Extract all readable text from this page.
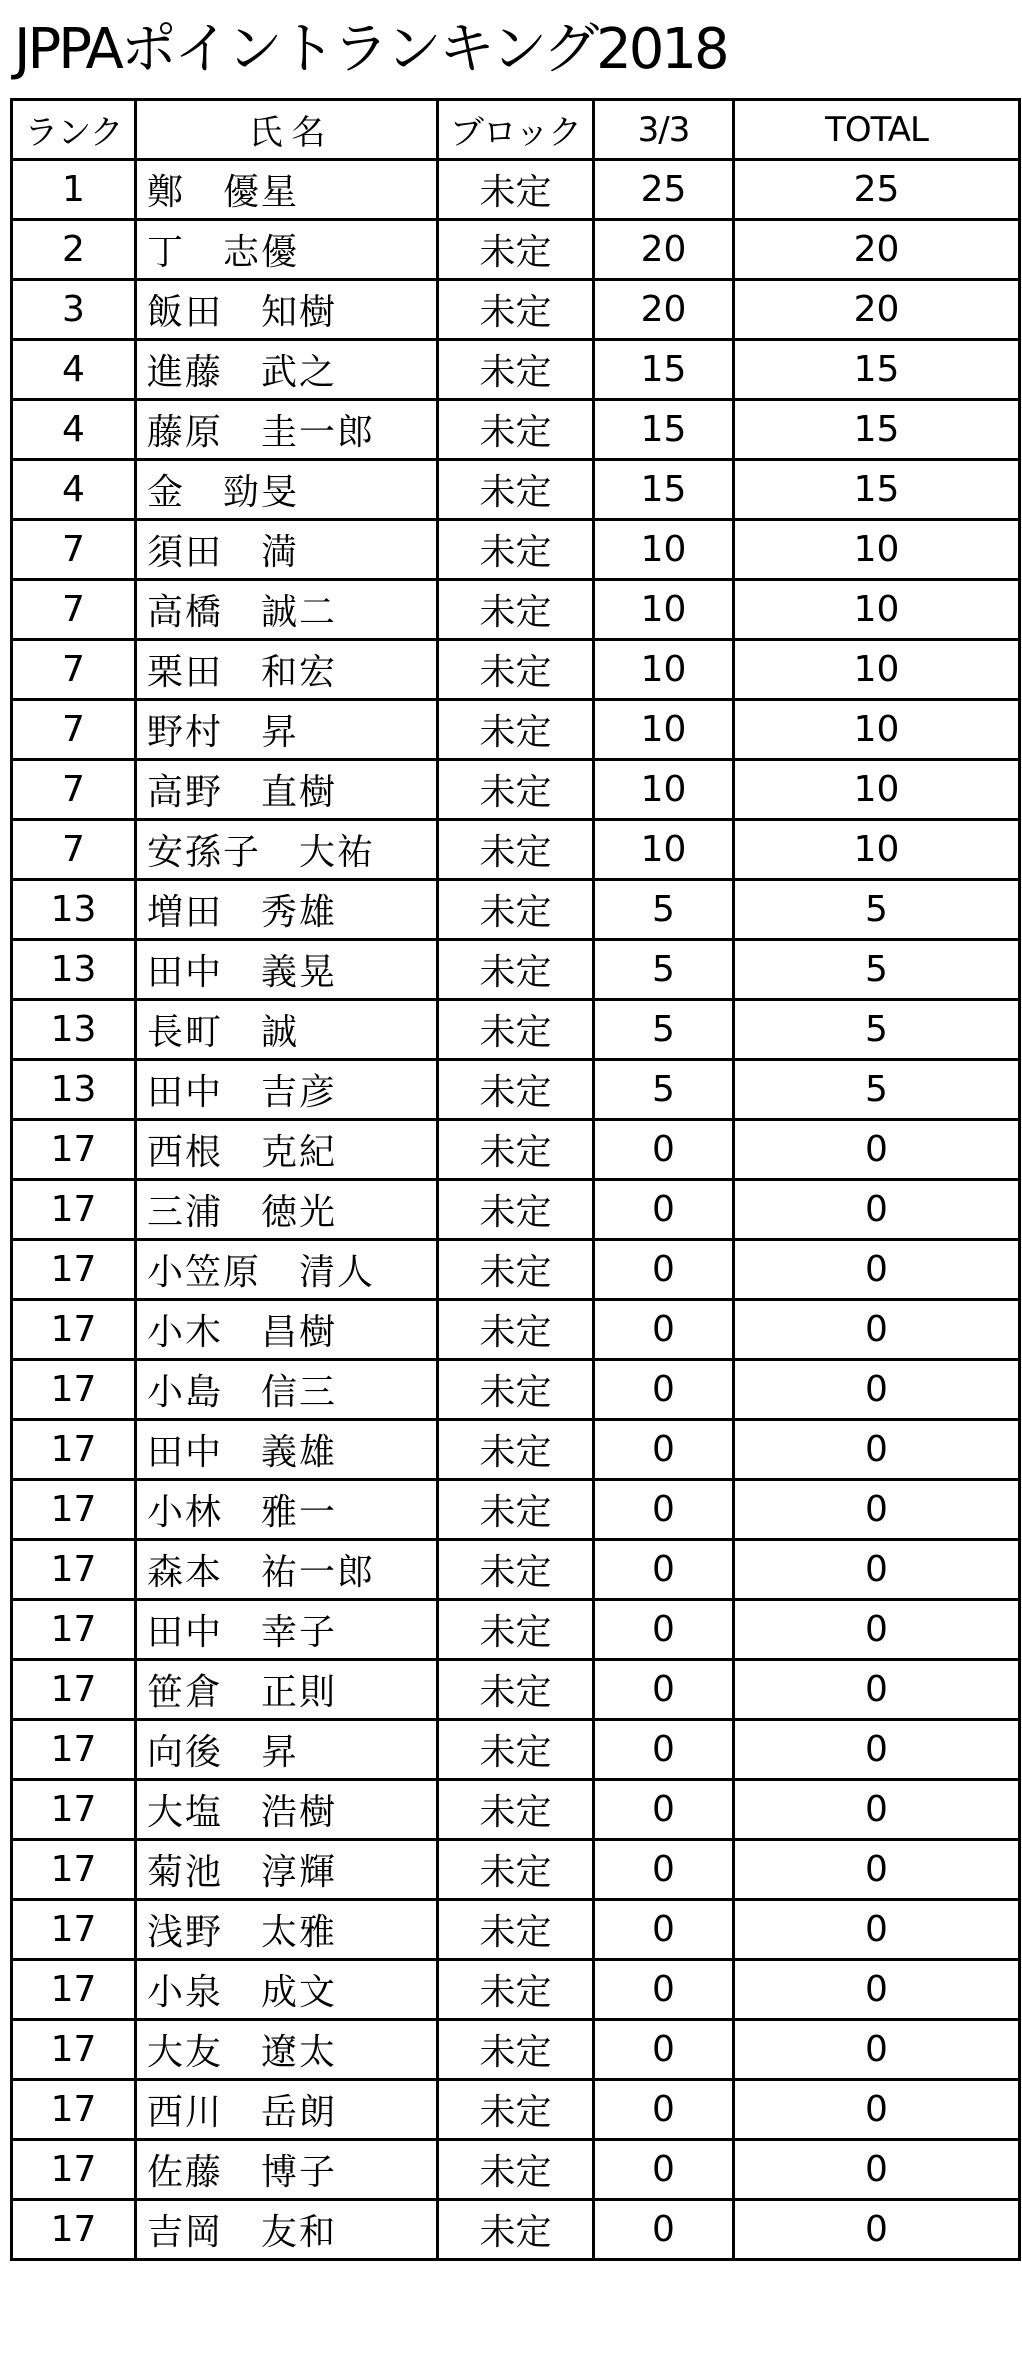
JPPAポイントランキング2018
ランク	氏 名	ブロック	3/3	TOTAL
1	鄭　優星	未定	25	25
2	丁　志優	未定	20	20
3	飯田　知樹	未定	20	20
4	進藤　武之	未定	15	15
4	藤原　圭一郎	未定	15	15
4	金　勁旻	未定	15	15
7	須田　満	未定	10	10
7	高橋　誠二	未定	10	10
7	栗田　和宏	未定	10	10
7	野村　昇	未定	10	10
7	高野　直樹	未定	10	10
7	安孫子　大祐	未定	10	10
13	増田　秀雄	未定	5	5
13	田中　義晃	未定	5	5
13	長町　誠	未定	5	5
13	田中　吉彦	未定	5	5
17	西根　克紀	未定	0	0
17	三浦　徳光	未定	0	0
17	小笠原　清人	未定	0	0
17	小木　昌樹	未定	0	0
17	小島　信三	未定	0	0
17	田中　義雄	未定	0	0
17	小林　雅一	未定	0	0
17	森本　祐一郎	未定	0	0
17	田中　幸子	未定	0	0
17	笹倉　正則	未定	0	0
17	向後　昇	未定	0	0
17	大塩　浩樹	未定	0	0
17	菊池　淳輝	未定	0	0
17	浅野　太雅	未定	0	0
17	小泉　成文	未定	0	0
17	大友　遼太	未定	0	0
17	西川　岳朗	未定	0	0
17	佐藤　博子	未定	0	0
17	吉岡　友和	未定	0	0
